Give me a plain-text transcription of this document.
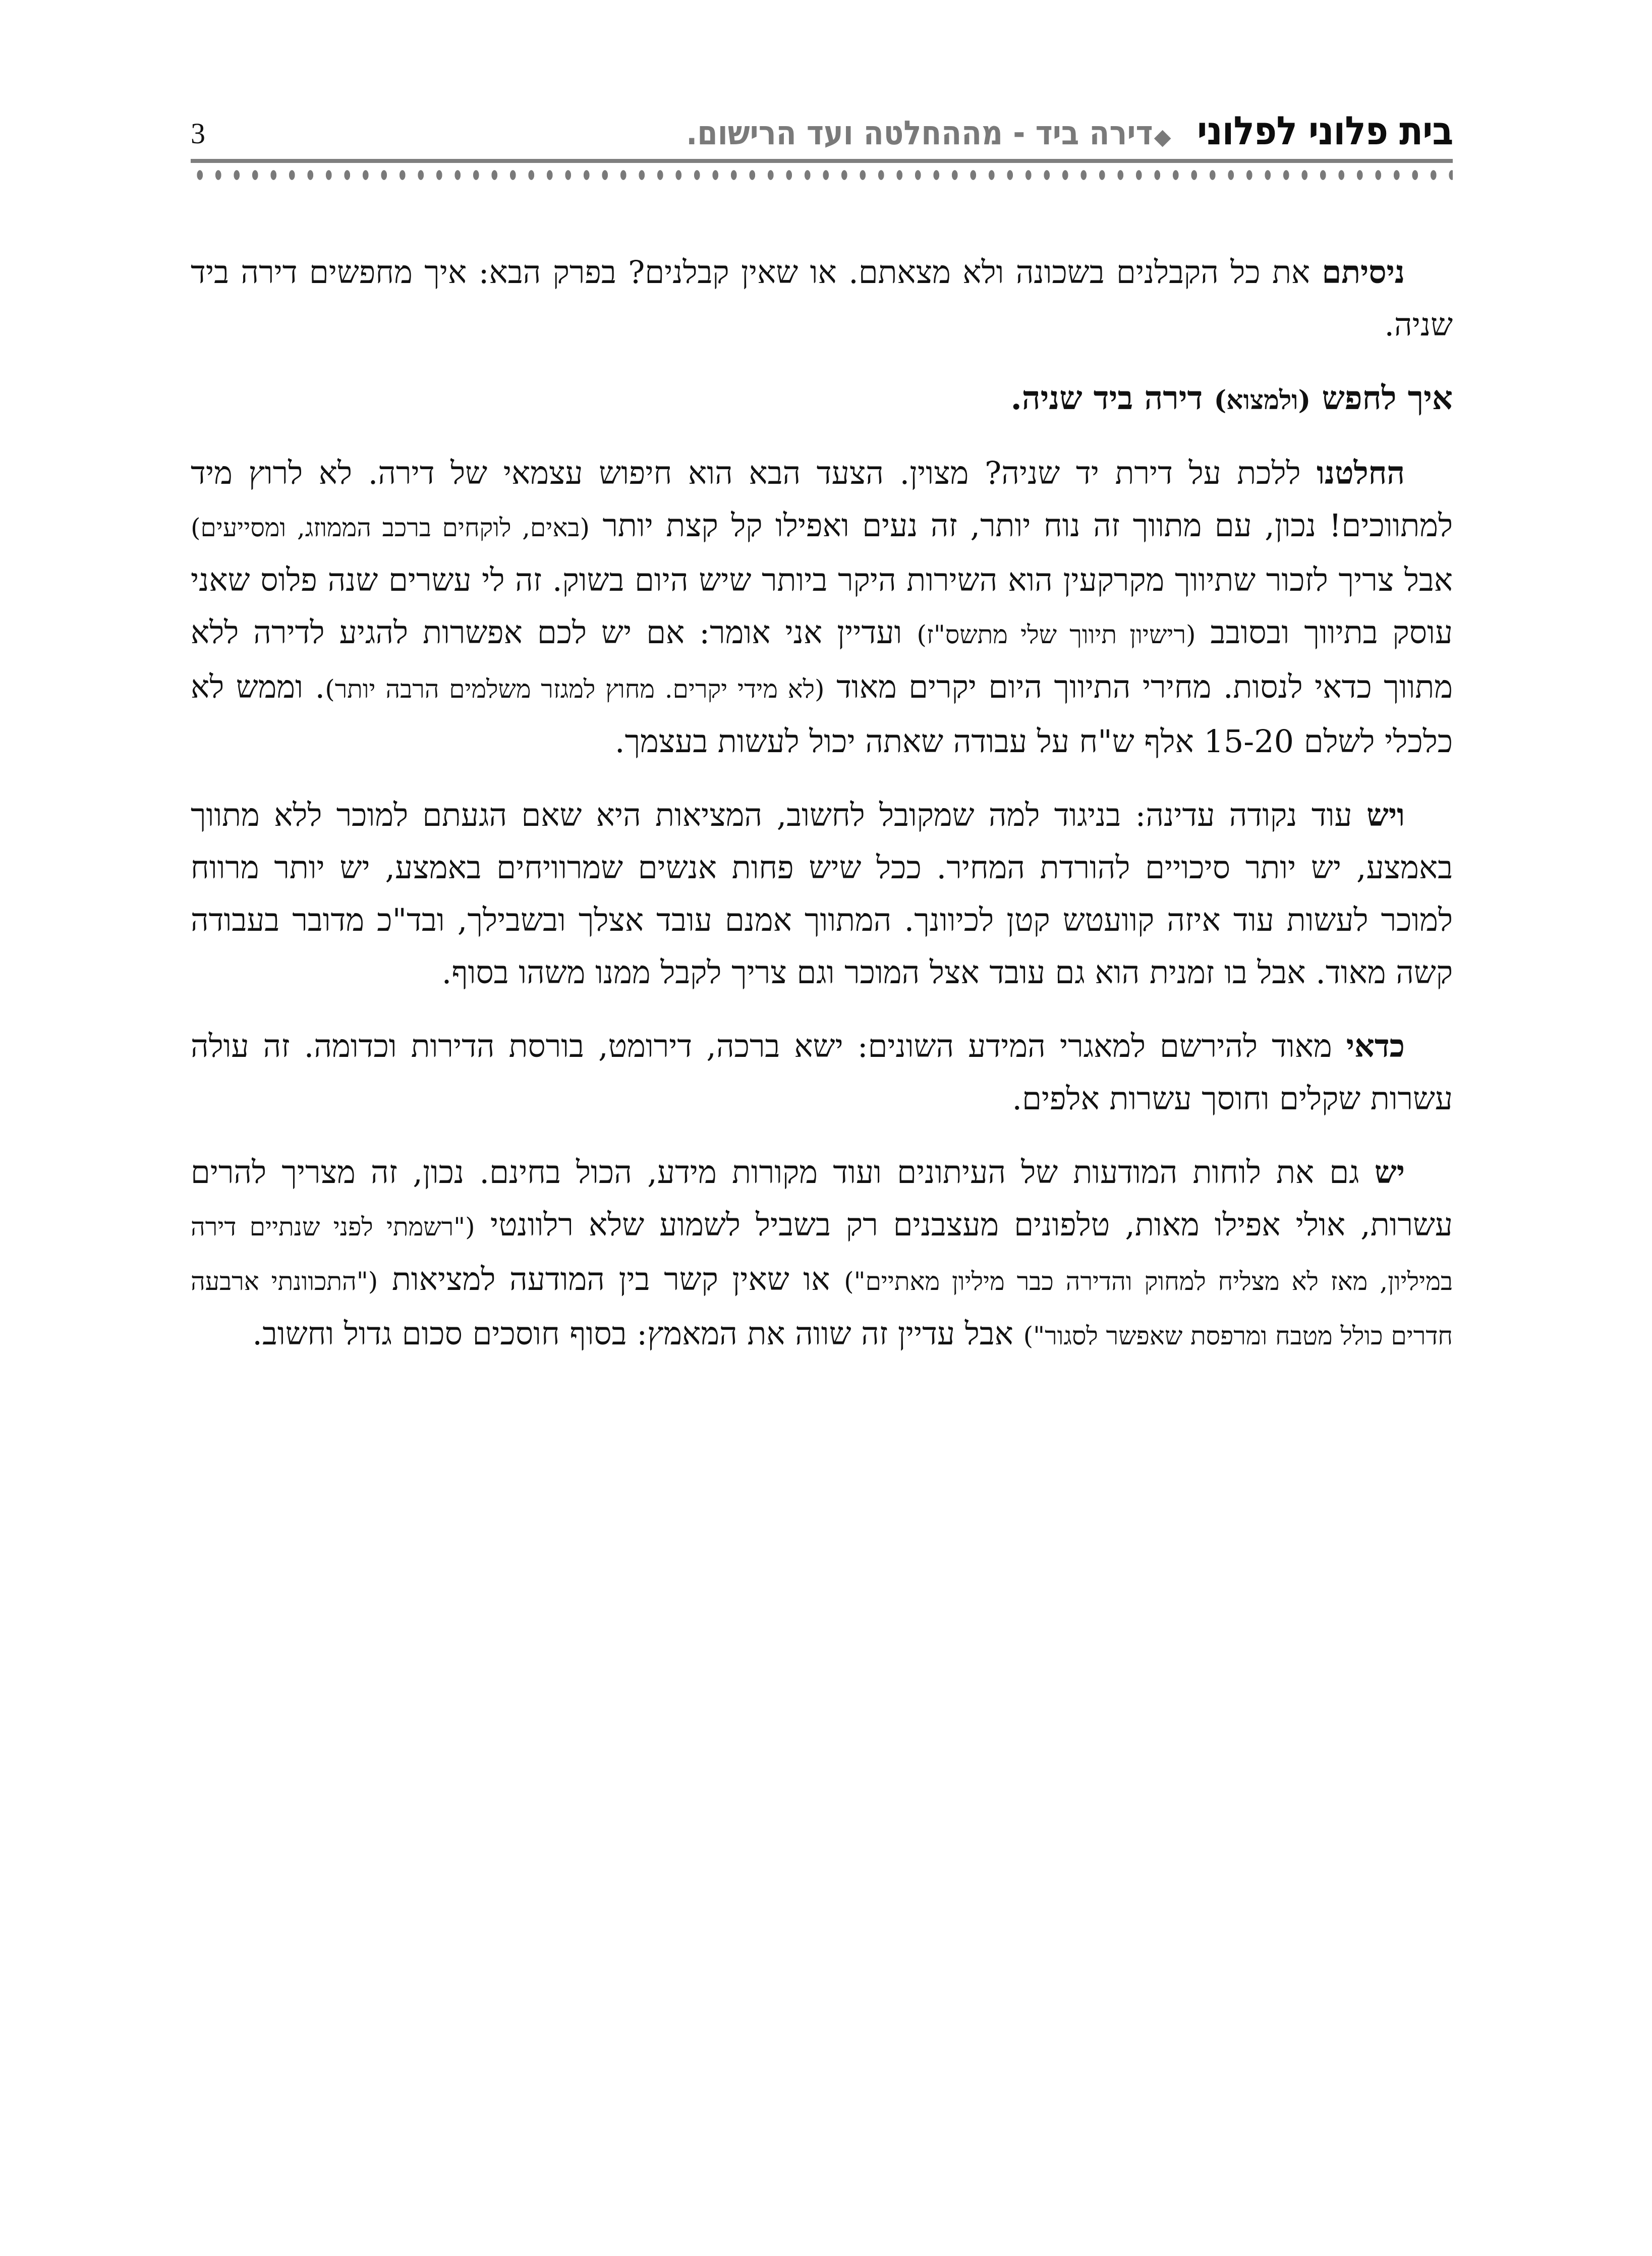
בית פלוני לפלוני
◆
דירה ביד - מההחלטה ועד הרישום.
3

ניסיתם את כל הקבלנים בשכונה ולא מצאתם. או שאין קבלנים? בפרק הבא: איך מחפשים דירה ביד שניה.

איך לחפש (ולמצוא) דירה ביד שניה.

החלטנו ללכת על דירת יד שניה? מצוין. הצעד הבא הוא חיפוש עצמאי של דירה. לא לרוץ מיד למתווכים! נכון, עם מתווך זה נוח יותר, זה נעים ואפילו קל קצת יותר (באים, לוקחים ברכב הממוזג, ומסייעים) אבל צריך לזכור שתיווך מקרקעין הוא השירות היקר ביותר שיש היום בשוק. זה לי עשרים שנה פלוס שאני עוסק בתיווך ובסובב (רישיון תיווך שלי מתשס"ז) ועדיין אני אומר: אם יש לכם אפשרות להגיע לדירה ללא מתווך כדאי לנסות. מחירי התיווך היום יקרים מאוד (לא מידי יקרים. מחוץ למגזר משלמים הרבה יותר). וממש לא כלכלי לשלם 15-20 אלף ש"ח על עבודה שאתה יכול לעשות בעצמך.

ויש עוד נקודה עדינה: בניגוד למה שמקובל לחשוב, המציאות היא שאם הגעתם למוכר ללא מתווך באמצע, יש יותר סיכויים להורדת המחיר. ככל שיש פחות אנשים שמרוויחים באמצע, יש יותר מרווח למוכר לעשות עוד איזה קוועטש קטן לכיוונך. המתווך אמנם עובד אצלך ובשבילך, ובד"כ מדובר בעבודה קשה מאוד. אבל בו זמנית הוא גם עובד אצל המוכר וגם צריך לקבל ממנו משהו בסוף.

כדאי מאוד להירשם למאגרי המידע השונים: ישא ברכה, דירומט, בורסת הדירות וכדומה. זה עולה עשרות שקלים וחוסך עשרות אלפים.

יש גם את לוחות המודעות של העיתונים ועוד מקורות מידע, הכול בחינם. נכון, זה מצריך להרים עשרות, אולי אפילו מאות, טלפונים מעצבנים רק בשביל לשמוע שלא רלוונטי ("רשמתי לפני שנתיים דירה במיליון, מאז לא מצליח למחוק והדירה כבר מיליון מאתיים") או שאין קשר בין המודעה למציאות ("התכוונתי ארבעה חדרים כולל מטבח ומרפסת שאפשר לסגור") אבל עדיין זה שווה את המאמץ: בסוף חוסכים סכום גדול וחשוב.
